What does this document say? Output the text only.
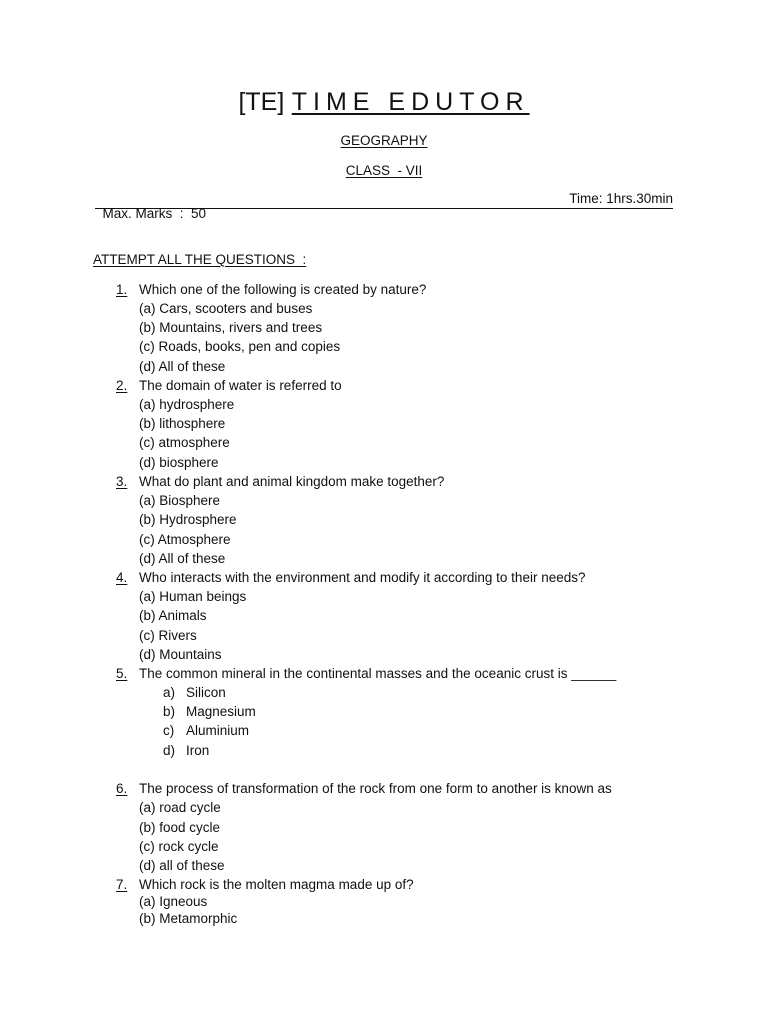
[TE] TIME EDUTOR
GEOGRAPHY
CLASS  - VII

Max. Marks  :  50

Time: 1hrs.30min

ATTEMPT ALL THE QUESTIONS  :
1. Which one of the following is created by nature?
(a) Cars, scooters and buses
(b) Mountains, rivers and trees
(c) Roads, books, pen and copies
(d) All of these
2. The domain of water is referred to
(a) hydrosphere
(b) lithosphere
(c) atmosphere
(d) biosphere
3. What do plant and animal kingdom make together?
(a) Biosphere
(b) Hydrosphere
(c) Atmosphere
(d) All of these
4. Who interacts with the environment and modify it according to their needs?
(a) Human beings
(b) Animals
(c) Rivers
(d) Mountains
5. The common mineral in the continental masses and the oceanic crust is ______
a) Silicon
b) Magnesium
c) Aluminium
d) Iron
6. The process of transformation of the rock from one form to another is known as
(a) road cycle
(b) food cycle
(c) rock cycle
(d) all of these
7. Which rock is the molten magma made up of?
(a) Igneous
(b) Metamorphic
